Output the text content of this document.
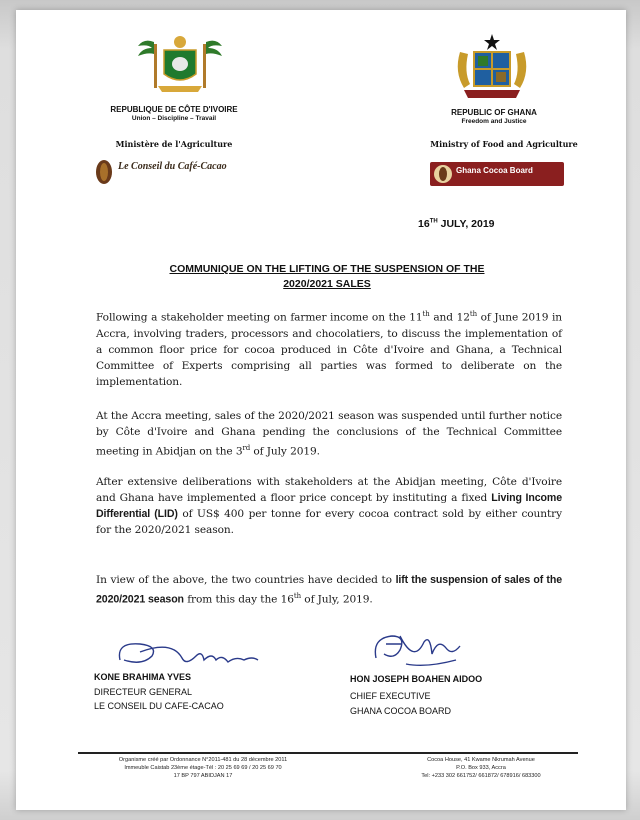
REPUBLIQUE DE CÔTE D'IVOIRE
Union – Discipline – Travail
Ministère de l'Agriculture
Le Conseil du Café-Cacao
REPUBLIC OF GHANA
Freedom and Justice
Ministry of Food and Agriculture
Ghana Cocoa Board
16TH JULY, 2019
COMMUNIQUE ON THE LIFTING OF THE SUSPENSION OF THE
2020/2021 SALES
Following a stakeholder meeting on farmer income on the 11th and 12th of June 2019 in Accra, involving traders, processors and chocolatiers, to discuss the implementation of a common floor price for cocoa produced in Côte d'Ivoire and Ghana, a Technical Committee of Experts comprising all parties was formed to deliberate on the implementation.
At the Accra meeting, sales of the 2020/2021 season was suspended until further notice by Côte d'Ivoire and Ghana pending the conclusions of the Technical Committee meeting in Abidjan on the 3rd of July 2019.
After extensive deliberations with stakeholders at the Abidjan meeting, Côte d'Ivoire and Ghana have implemented a floor price concept by instituting a fixed Living Income Differential (LID) of US$ 400 per tonne for every cocoa contract sold by either country for the 2020/2021 season.
In view of the above, the two countries have decided to lift the suspension of sales of the 2020/2021 season from this day the 16th of July, 2019.
KONE BRAHIMA YVES
DIRECTEUR GENERAL
LE CONSEIL DU CAFE-CACAO
HON JOSEPH BOAHEN AIDOO
CHIEF EXECUTIVE
GHANA COCOA BOARD
Organisme créé par Ordonnance N°2011-481 du 28 décembre 2011
Immeuble Caistab 23ème étage-Tél : 20 25 69 69 / 20 25 69 70
17 BP 797 ABIDJAN 17
Cocoa House, 41 Kwame Nkrumah Avenue
P.O. Box 933, Accra
Tel: +233 302 661752/ 661872/ 678916/ 683300
